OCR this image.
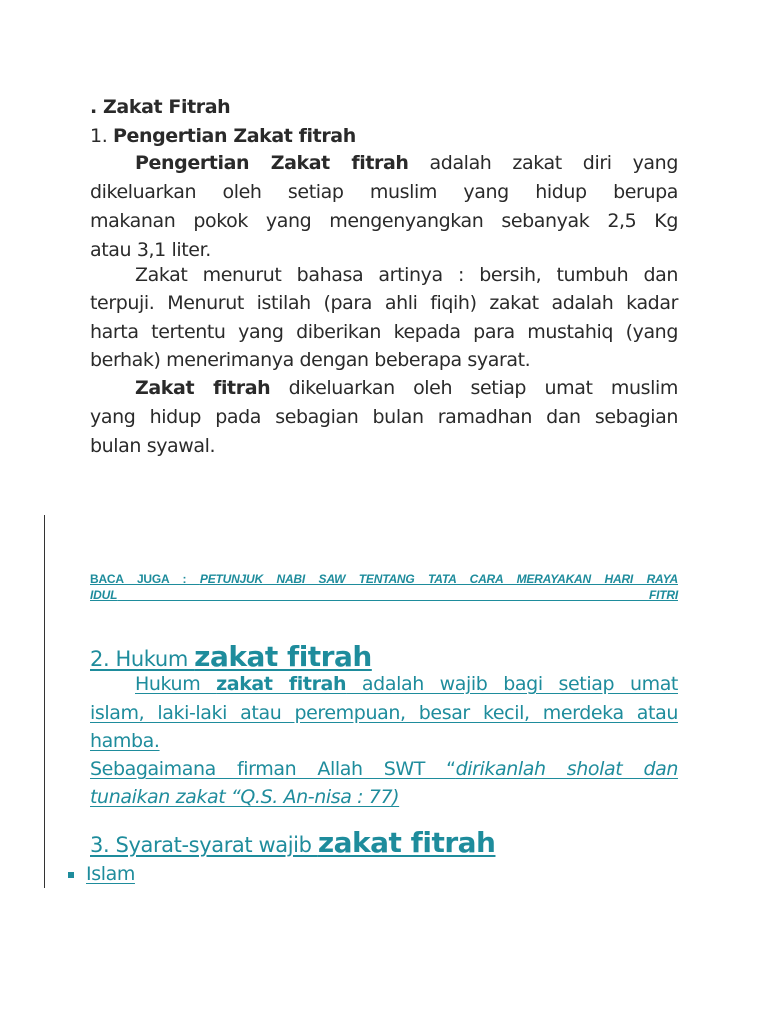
. Zakat Fitrah
1. Pengertian Zakat fitrah
Pengertian Zakat fitrah adalah zakat diri yang
dikeluarkan oleh setiap muslim yang hidup berupa
makanan pokok yang mengenyangkan sebanyak 2,5 Kg
atau 3,1 liter.
Zakat menurut bahasa artinya : bersih, tumbuh dan
terpuji. Menurut istilah (para ahli fiqih) zakat adalah kadar
harta tertentu yang diberikan kepada para mustahiq (yang
berhak) menerimanya dengan beberapa syarat.
Zakat fitrah dikeluarkan oleh setiap umat muslim
yang hidup pada sebagian bulan ramadhan dan sebagian
bulan syawal.
BACA JUGA : PETUNJUK NABI SAW TENTANG TATA CARA MERAYAKAN HARI RAYA
IDUL	FITRI
2. Hukum zakat fitrah
Hukum zakat fitrah adalah wajib bagi setiap umat
islam, laki-laki atau perempuan, besar kecil, merdeka atau
hamba.
Sebagaimana firman Allah SWT “dirikanlah sholat dan
tunaikan zakat “Q.S. An-nisa : 77)
3. Syarat-syarat wajib zakat fitrah
Islam
